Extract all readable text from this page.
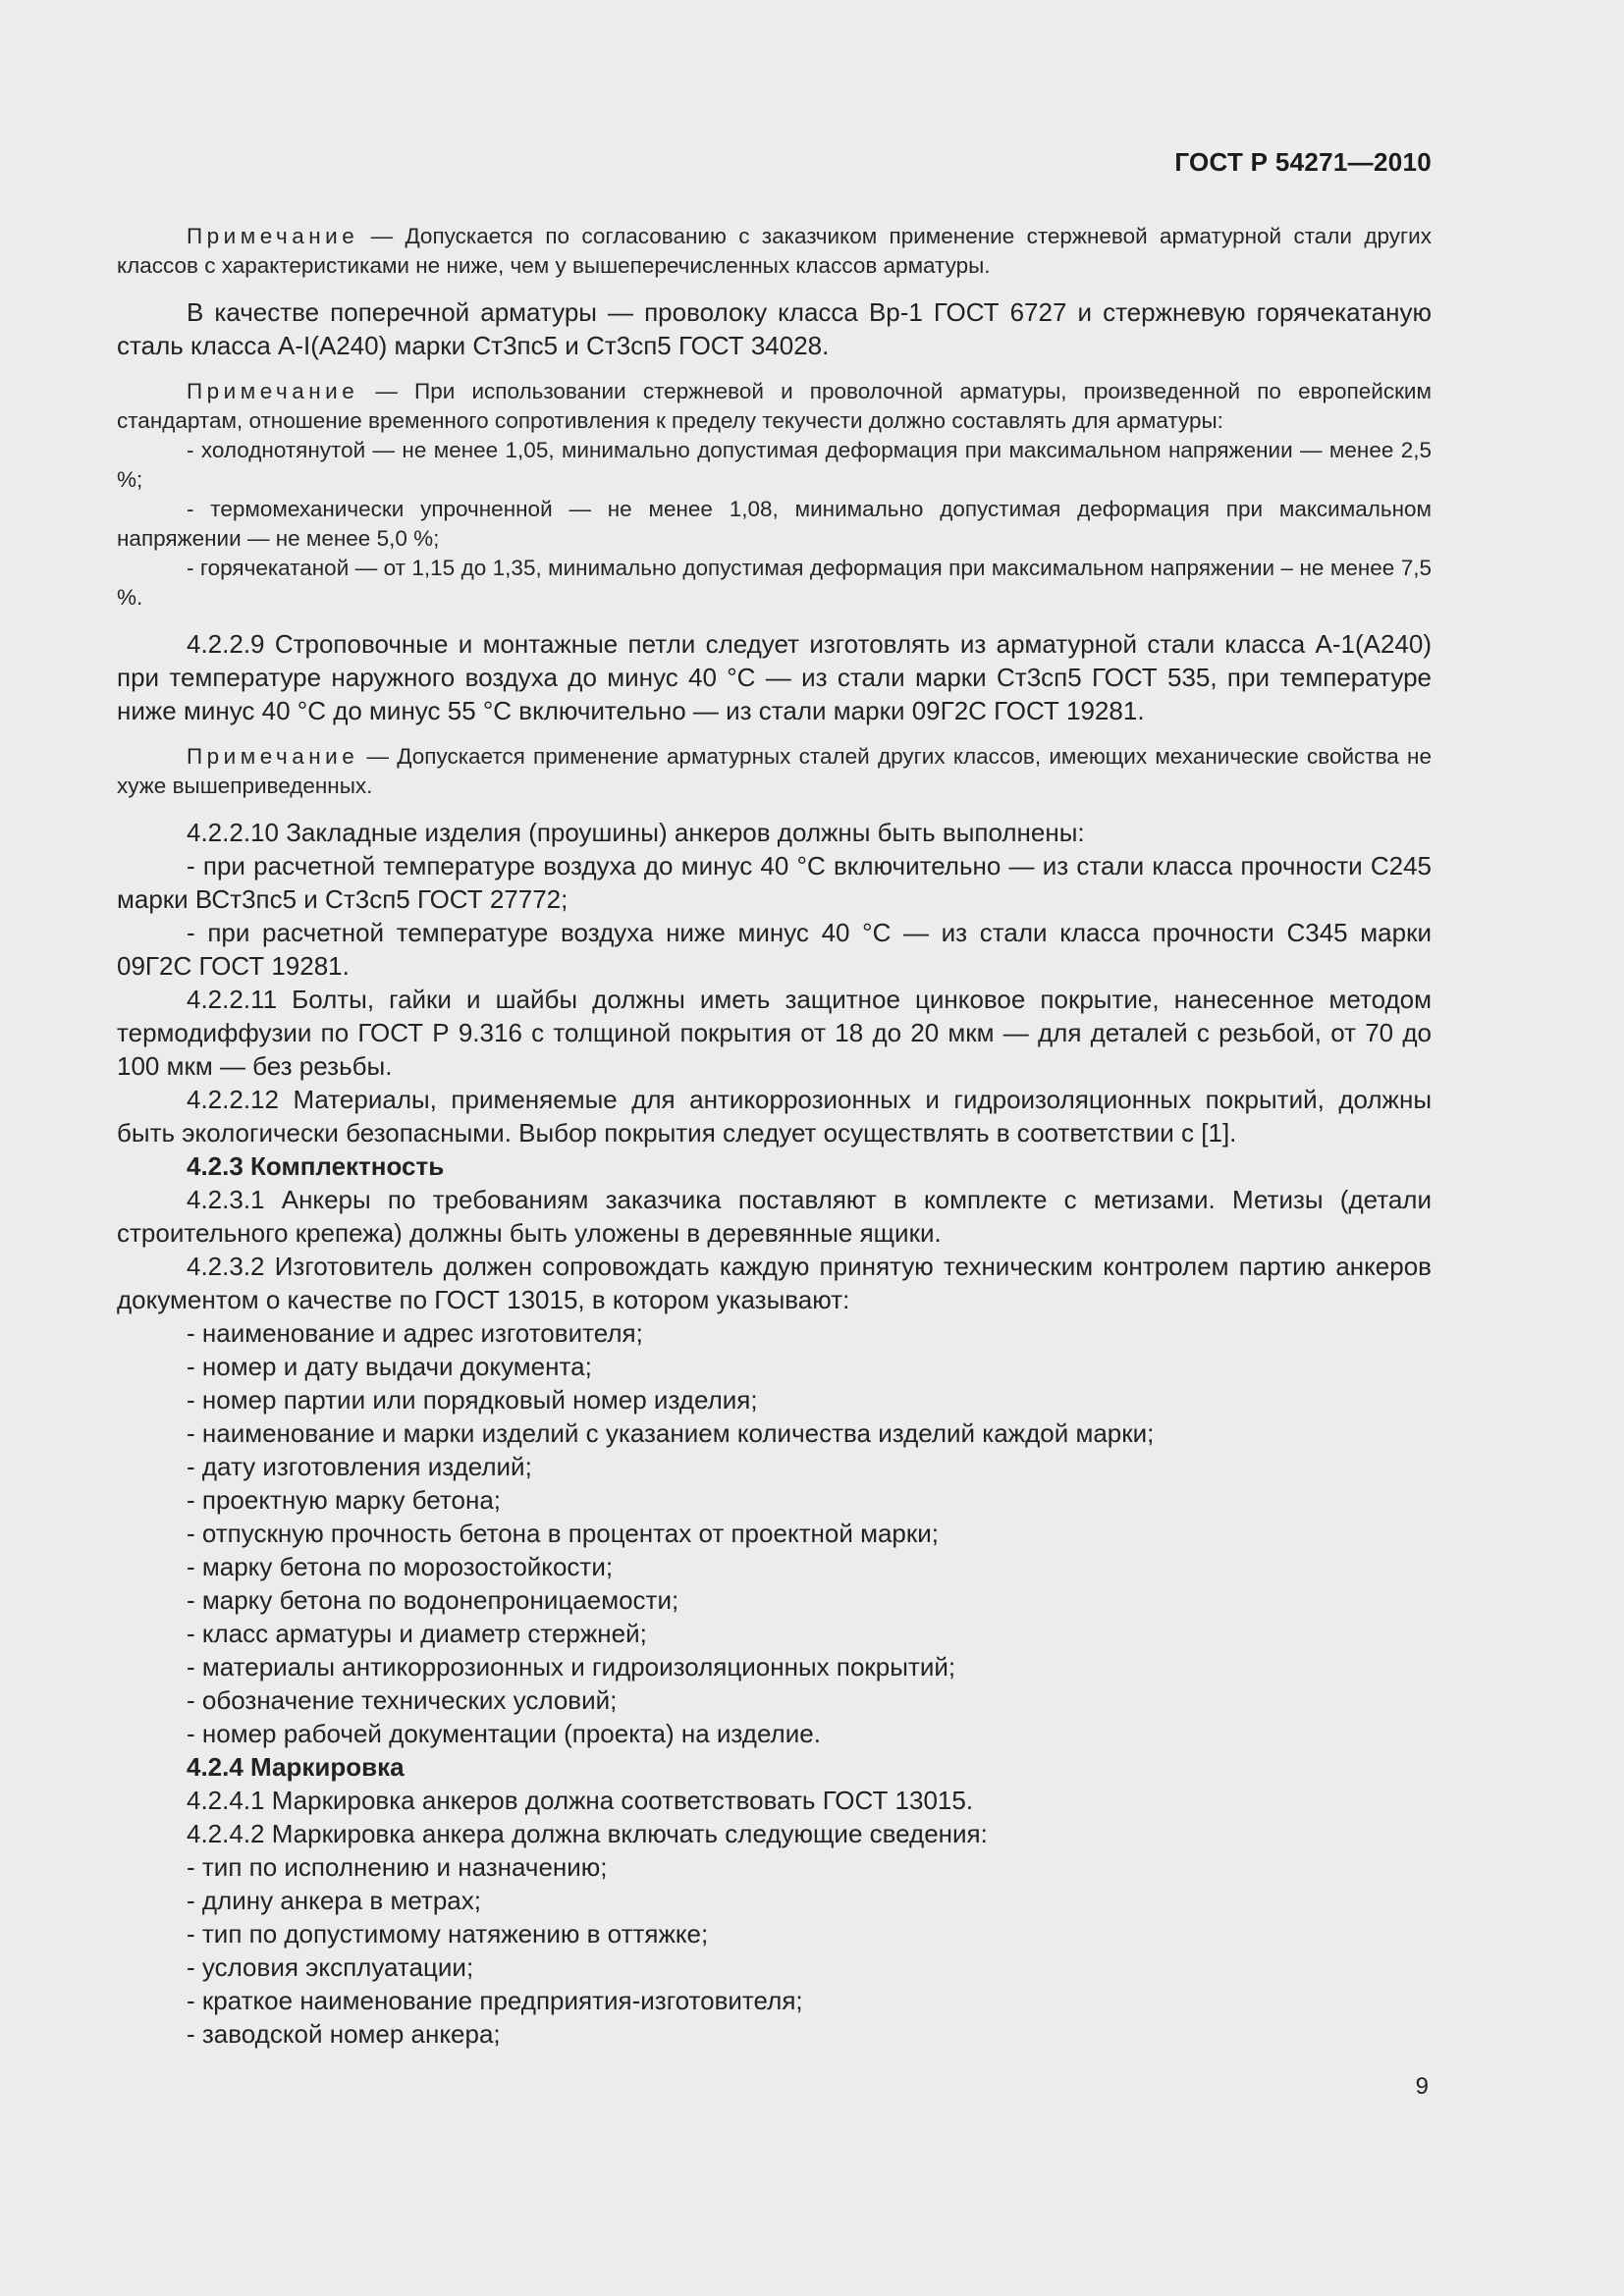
ГОСТ Р 54271—2010

Примечание — Допускается по согласованию с заказчиком применение стержневой арматурной стали других классов с характеристиками не ниже, чем у вышеперечисленных классов арматуры.

В качестве поперечной арматуры — проволоку класса Вр-1 ГОСТ 6727 и стержневую горячекатаную сталь класса А-I(А240) марки Ст3пс5 и Ст3сп5 ГОСТ 34028.

Примечание — При использовании стержневой и проволочной арматуры, произведенной по европейским стандартам, отношение временного сопротивления к пределу текучести должно составлять для арматуры:

- холоднотянутой — не менее 1,05, минимально допустимая деформация при максимальном напряжении — менее 2,5 %;

- термомеханически упрочненной — не менее 1,08, минимально допустимая деформация при максимальном напряжении — не менее 5,0 %;

- горячекатаной — от 1,15 до 1,35, минимально допустимая деформация при максимальном напряжении – не менее 7,5 %.

4.2.2.9 Строповочные и монтажные петли следует изготовлять из арматурной стали класса А-1(А240) при температуре наружного воздуха до минус 40 °С — из стали марки Ст3сп5 ГОСТ 535, при температуре ниже минус 40 °С до минус 55 °С включительно — из стали марки 09Г2С ГОСТ 19281.

Примечание — Допускается применение арматурных сталей других классов, имеющих механические свойства не хуже вышеприведенных.

4.2.2.10 Закладные изделия (проушины) анкеров должны быть выполнены:

- при расчетной температуре воздуха до минус 40 °С включительно — из стали класса прочности С245 марки ВСт3пс5 и Ст3сп5 ГОСТ 27772;

- при расчетной температуре воздуха ниже минус 40 °С — из стали класса прочности С345 марки 09Г2С ГОСТ 19281.

4.2.2.11 Болты, гайки и шайбы должны иметь защитное цинковое покрытие, нанесенное методом термодиффузии по ГОСТ Р 9.316 с толщиной покрытия от 18 до 20 мкм — для деталей с резьбой, от 70 до 100 мкм — без резьбы.

4.2.2.12 Материалы, применяемые для антикоррозионных и гидроизоляционных покрытий, должны быть экологически безопасными. Выбор покрытия следует осуществлять в соответствии с [1].

4.2.3 Комплектность

4.2.3.1 Анкеры по требованиям заказчика поставляют в комплекте с метизами. Метизы (детали строительного крепежа) должны быть уложены в деревянные ящики.

4.2.3.2 Изготовитель должен сопровождать каждую принятую техническим контролем партию анкеров документом о качестве по ГОСТ 13015, в котором указывают:

- наименование и адрес изготовителя;

- номер и дату выдачи документа;

- номер партии или порядковый номер изделия;

- наименование и марки изделий с указанием количества изделий каждой марки;

- дату изготовления изделий;

- проектную марку бетона;

- отпускную прочность бетона в процентах от проектной марки;

- марку бетона по морозостойкости;

- марку бетона по водонепроницаемости;

- класс арматуры и диаметр стержней;

- материалы антикоррозионных и гидроизоляционных покрытий;

- обозначение технических условий;

- номер рабочей документации (проекта) на изделие.

4.2.4 Маркировка

4.2.4.1 Маркировка анкеров должна соответствовать ГОСТ 13015.

4.2.4.2 Маркировка анкера должна включать следующие сведения:

- тип по исполнению и назначению;

- длину анкера в метрах;

- тип по допустимому натяжению в оттяжке;

- условия эксплуатации;

- краткое наименование предприятия-изготовителя;

- заводской номер анкера;

9
